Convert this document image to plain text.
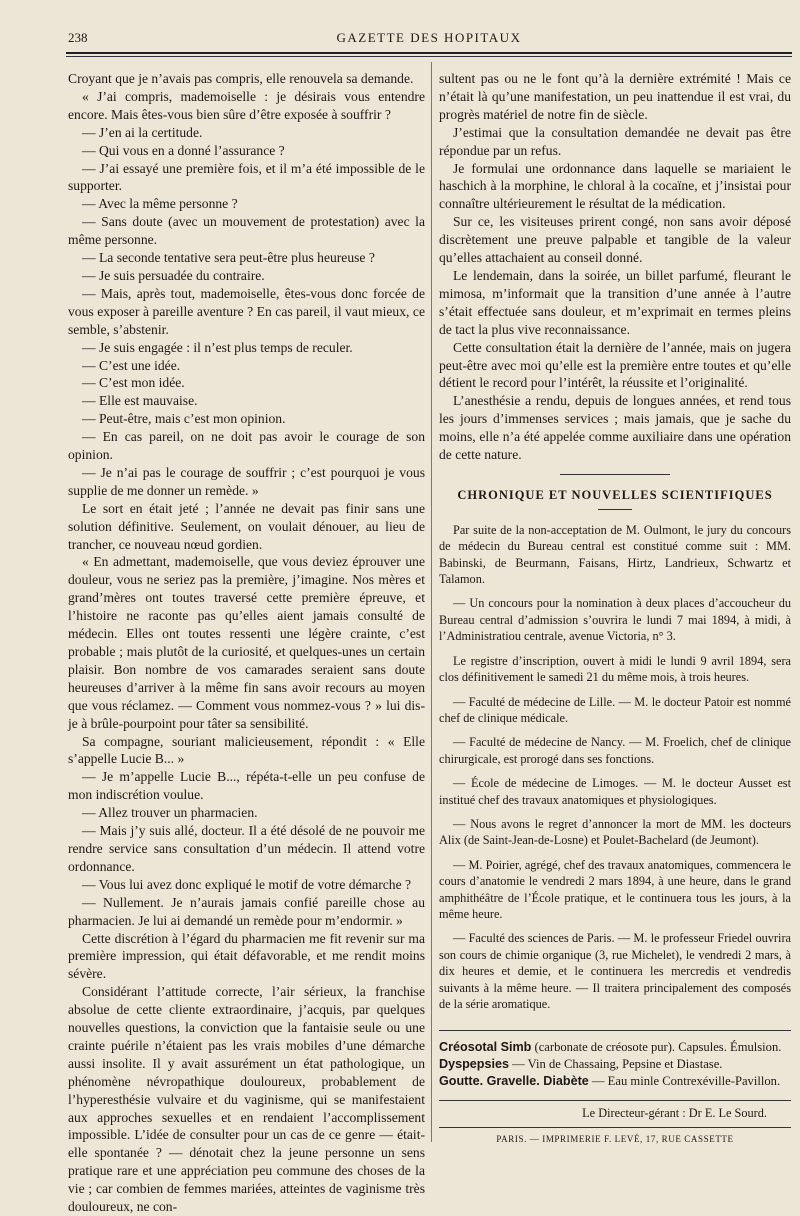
238	GAZETTE DES HOPITAUX

Croyant que je n’avais pas compris, elle renouvela sa demande.

« J’ai compris, mademoiselle : je désirais vous entendre encore. Mais êtes-vous bien sûre d’être exposée à souffrir ?

— J’en ai la certitude.

— Qui vous en a donné l’assurance ?

— J’ai essayé une première fois, et il m’a été impossible de le supporter.

— Avec la même personne ?

— Sans doute (avec un mouvement de protestation) avec la même personne.

— La seconde tentative sera peut-être plus heureuse ?

— Je suis persuadée du contraire.

— Mais, après tout, mademoiselle, êtes-vous donc forcée de vous exposer à pareille aventure ? En cas pareil, il vaut mieux, ce semble, s’abstenir.

— Je suis engagée : il n’est plus temps de reculer.

— C’est une idée.

— C’est mon idée.

— Elle est mauvaise.

— Peut-être, mais c’est mon opinion.

— En cas pareil, on ne doit pas avoir le courage de son opinion.

— Je n’ai pas le courage de souffrir ; c’est pourquoi je vous supplie de me donner un remède. »

Le sort en était jeté ; l’année ne devait pas finir sans une solution définitive. Seulement, on voulait dénouer, au lieu de trancher, ce nouveau nœud gordien.

« En admettant, mademoiselle, que vous deviez éprouver une douleur, vous ne seriez pas la première, j’imagine. Nos mères et grand’mères ont toutes traversé cette première épreuve, et l’histoire ne raconte pas qu’elles aient jamais consulté de médecin. Elles ont toutes ressenti une légère crainte, c’est probable ; mais plutôt de la curiosité, et quelques-unes un certain plaisir. Bon nombre de vos camarades seraient sans doute heureuses d’arriver à la même fin sans avoir recours au moyen que vous réclamez. — Comment vous nommez-vous ? » lui dis-je à brûle-pourpoint pour tâter sa sensibilité.

Sa compagne, souriant malicieusement, répondit : « Elle s’appelle Lucie B... »

— Je m’appelle Lucie B..., répéta-t-elle un peu confuse de mon indiscrétion voulue.

— Allez trouver un pharmacien.

— Mais j’y suis allé, docteur. Il a été désolé de ne pouvoir me rendre service sans consultation d’un médecin. Il attend votre ordonnance.

— Vous lui avez donc expliqué le motif de votre démarche ?

— Nullement. Je n’aurais jamais confié pareille chose au pharmacien. Je lui ai demandé un remède pour m’endormir. »

Cette discrétion à l’égard du pharmacien me fit revenir sur ma première impression, qui était défavorable, et me rendit moins sévère.

Considérant l’attitude correcte, l’air sérieux, la franchise absolue de cette cliente extraordinaire, j’acquis, par quelques nouvelles questions, la conviction que la fantaisie seule ou une crainte puérile n’étaient pas les vrais mobiles d’une démarche aussi insolite. Il y avait assurément un état pathologique, un phénomène névropathique douloureux, probablement de l’hyperesthésie vulvaire et du vaginisme, qui se manifestaient aux approches sexuelles et en rendaient l’accomplissement impossible. L’idée de consulter pour un cas de ce genre — était-elle spontanée ? — dénotait chez la jeune personne un sens pratique rare et une appréciation peu commune des choses de la vie ; car combien de femmes mariées, atteintes de vaginisme très douloureux, ne con-

sultent pas ou ne le font qu’à la dernière extrémité ! Mais ce n’était là qu’une manifestation, un peu inattendue il est vrai, du progrès matériel de notre fin de siècle.

J’estimai que la consultation demandée ne devait pas être répondue par un refus.

Je formulai une ordonnance dans laquelle se mariaient le haschich à la morphine, le chloral à la cocaïne, et j’insistai pour connaître ultérieurement le résultat de la médication.

Sur ce, les visiteuses prirent congé, non sans avoir déposé discrètement une preuve palpable et tangible de la valeur qu’elles attachaient au conseil donné.

Le lendemain, dans la soirée, un billet parfumé, fleurant le mimosa, m’informait que la transition d’une année à l’autre s’était effectuée sans douleur, et m’exprimait en termes pleins de tact la plus vive reconnaissance.

Cette consultation était la dernière de l’année, mais on jugera peut-être avec moi qu’elle est la première entre toutes et qu’elle détient le record pour l’intérêt, la réussite et l’originalité.

L’anesthésie a rendu, depuis de longues années, et rend tous les jours d’immenses services ; mais jamais, que je sache du moins, elle n’a été appelée comme auxiliaire dans une opération de cette nature.

CHRONIQUE ET NOUVELLES SCIENTIFIQUES

Par suite de la non-acceptation de M. Oulmont, le jury du concours de médecin du Bureau central est constitué comme suit : MM. Babinski, de Beurmann, Faisans, Hirtz, Landrieux, Schwartz et Talamon.

— Un concours pour la nomination à deux places d’accoucheur du Bureau central d’admission s’ouvrira le lundi 7 mai 1894, à midi, à l’Administratiou centrale, avenue Victoria, n° 3.

Le registre d’inscription, ouvert à midi le lundi 9 avril 1894, sera clos définitivement le samedi 21 du même mois, à trois heures.

— Faculté de médecine de Lille. — M. le docteur Patoir est nommé chef de clinique médicale.

— Faculté de médecine de Nancy. — M. Froelich, chef de clinique chirurgicale, est prorogé dans ses fonctions.

— École de médecine de Limoges. — M. le docteur Ausset est institué chef des travaux anatomiques et physiologiques.

— Nous avons le regret d’annoncer la mort de MM. les docteurs Alix (de Saint-Jean-de-Losne) et Poulet-Bachelard (de Jeumont).

— M. Poirier, agrégé, chef des travaux anatomiques, commencera le cours d’anatomie le vendredi 2 mars 1894, à une heure, dans le grand amphithéâtre de l’École pratique, et le continuera tous les jours, à la même heure.

— Faculté des sciences de Paris. — M. le professeur Friedel ouvrira son cours de chimie organique (3, rue Michelet), le vendredi 2 mars, à dix heures et demie, et le continuera les mercredis et vendredis suivants à la même heure. — Il traitera principalement des composés de la série aromatique.

Créosotal Simb (carbonate de créosote pur). Capsules. Émulsion.

Dyspepsies — Vin de Chassaing, Pepsine et Diastase.

Goutte. Gravelle. Diabète — Eau minle Contrexéville-Pavillon.

Le Directeur-gérant : Dr E. Le Sourd.

PARIS. — IMPRIMERIE F. LEVÉ, 17, RUE CASSETTE
